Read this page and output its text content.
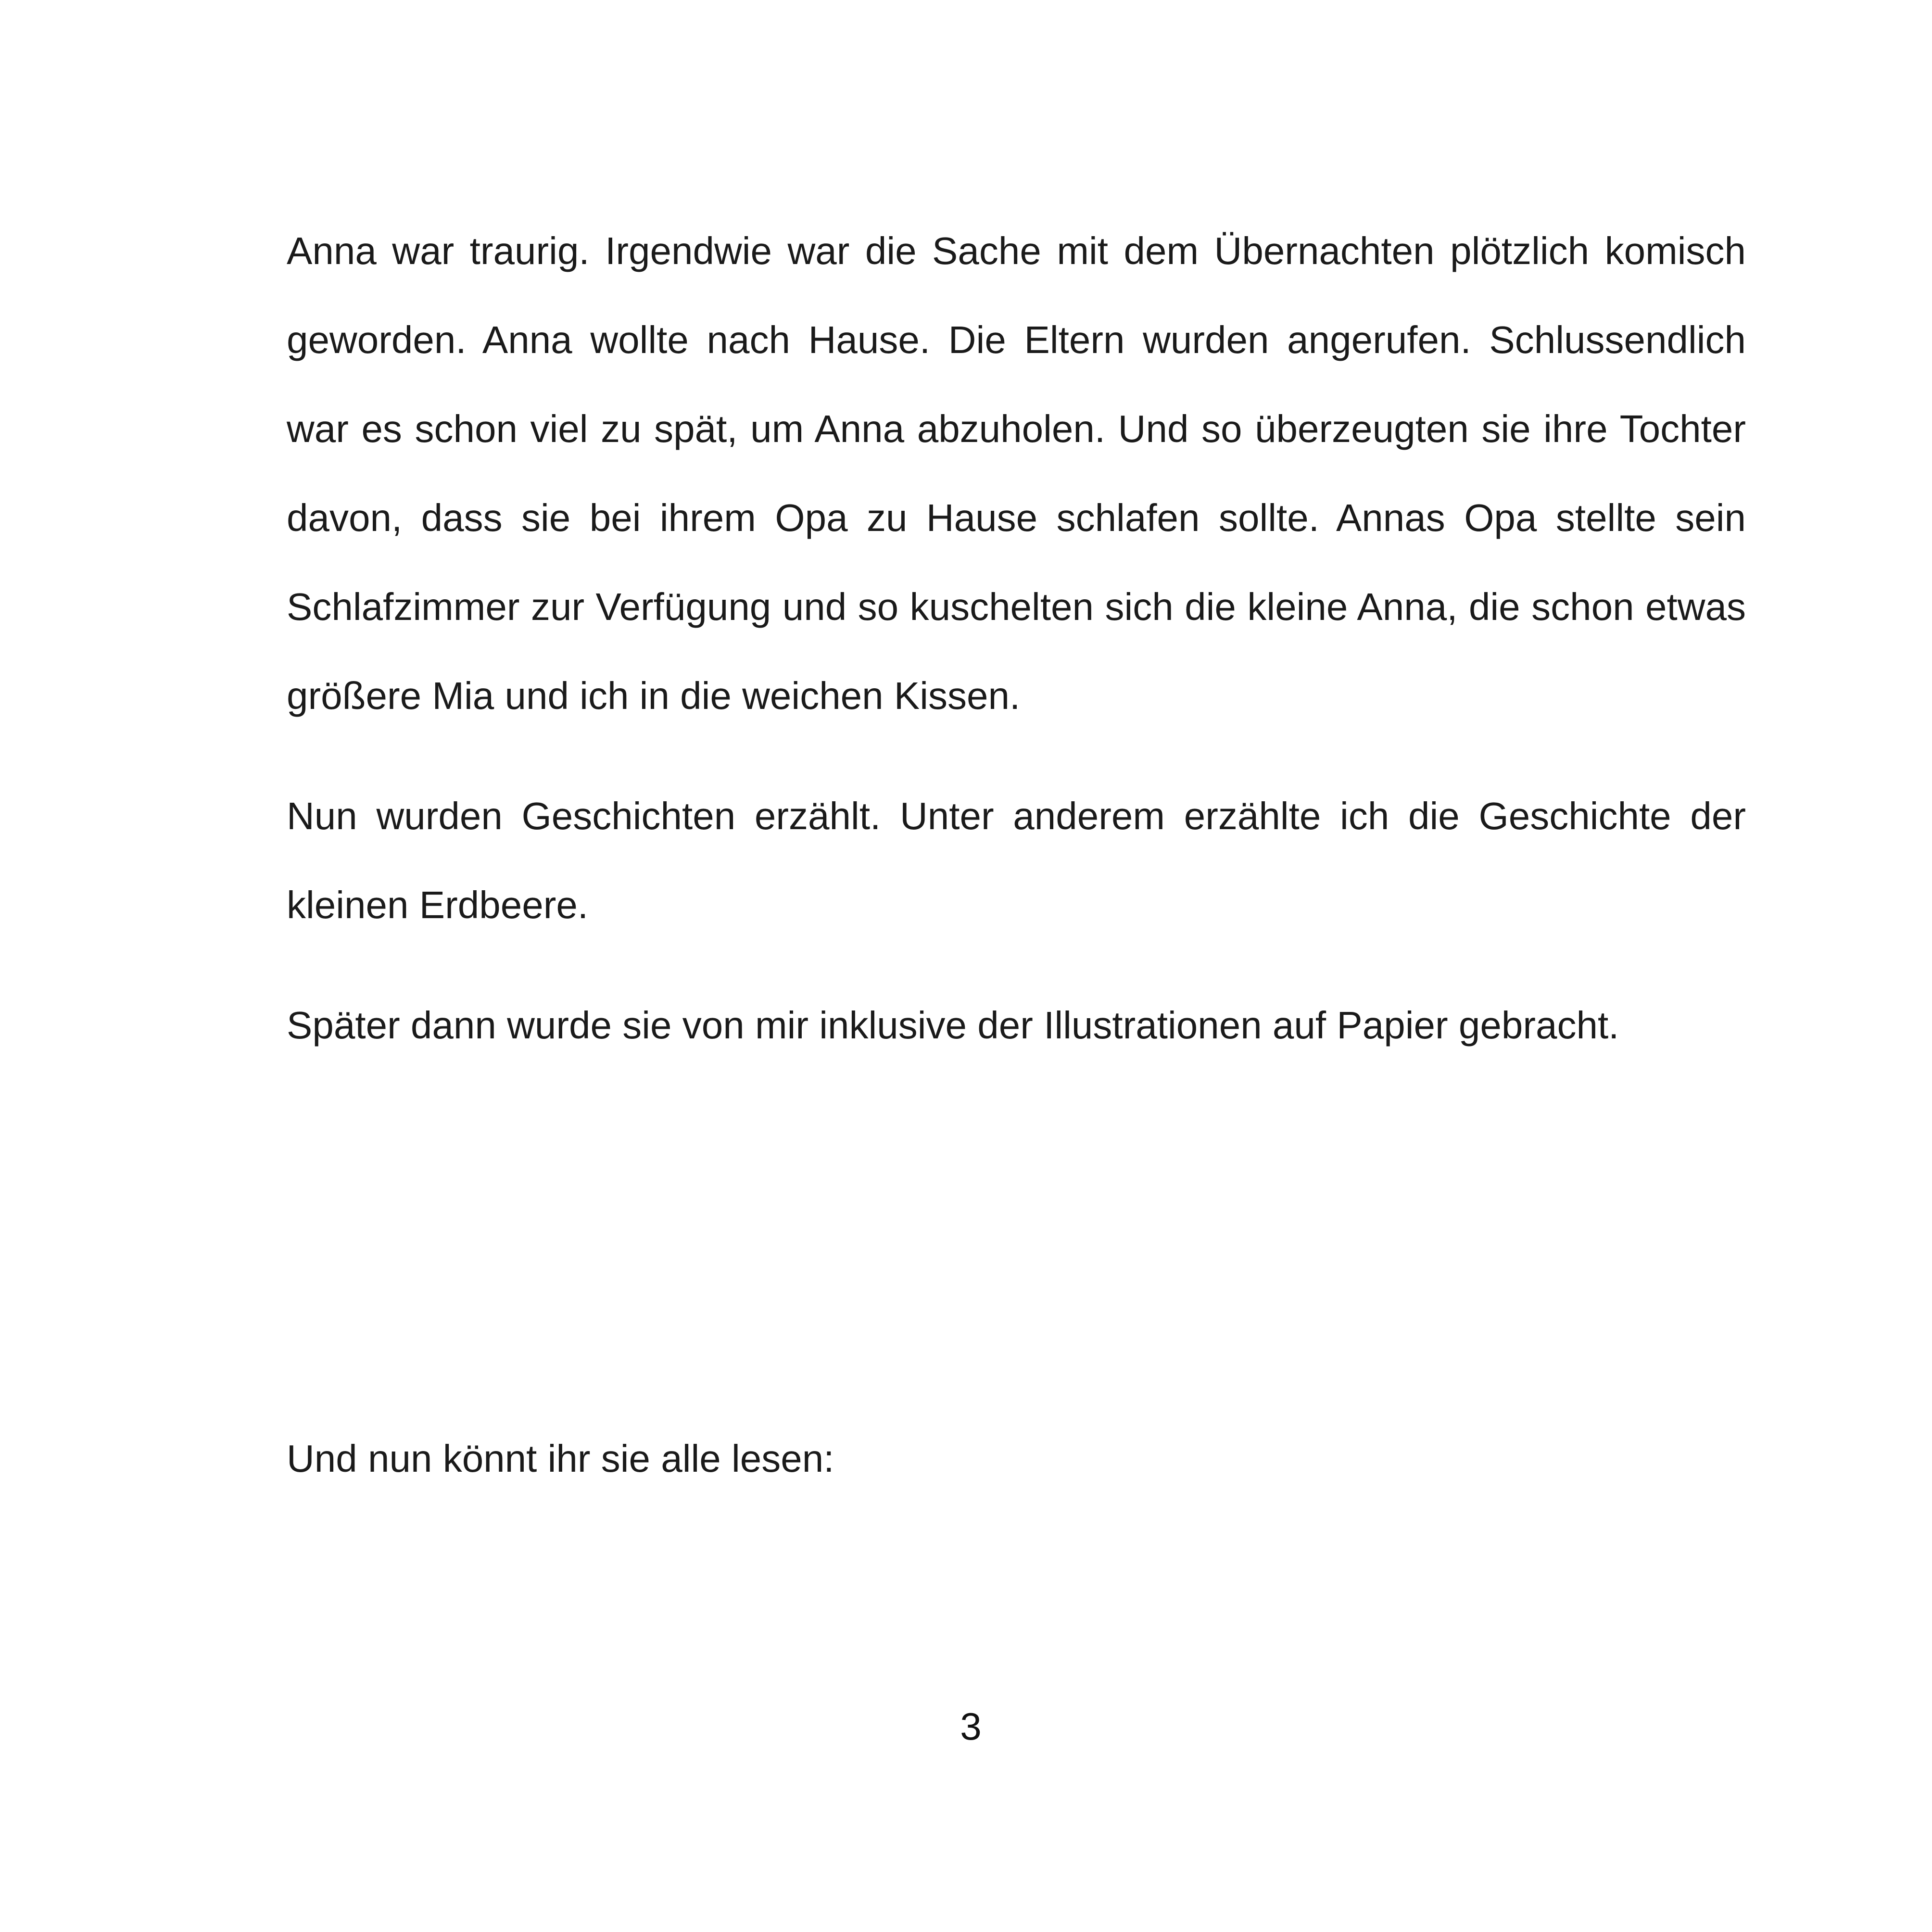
Anna war traurig. Irgendwie war die Sache mit dem Übernachten plötzlich komisch geworden. Anna wollte nach Hause. Die Eltern wurden angerufen. Schlussendlich war es schon viel zu spät, um Anna abzuholen. Und so überzeugten sie ihre Tochter davon, dass sie bei ihrem Opa zu Hause schlafen sollte. Annas Opa stellte sein Schlafzimmer zur Verfügung und so kuschelten sich die kleine Anna, die schon etwas größere Mia und ich in die weichen Kissen.

Nun wurden Geschichten erzählt. Unter anderem erzählte ich die Geschichte der kleinen Erdbeere.

Später dann wurde sie von mir inklusive der Illustrationen auf Papier gebracht.

Und nun könnt ihr sie alle lesen:

3
